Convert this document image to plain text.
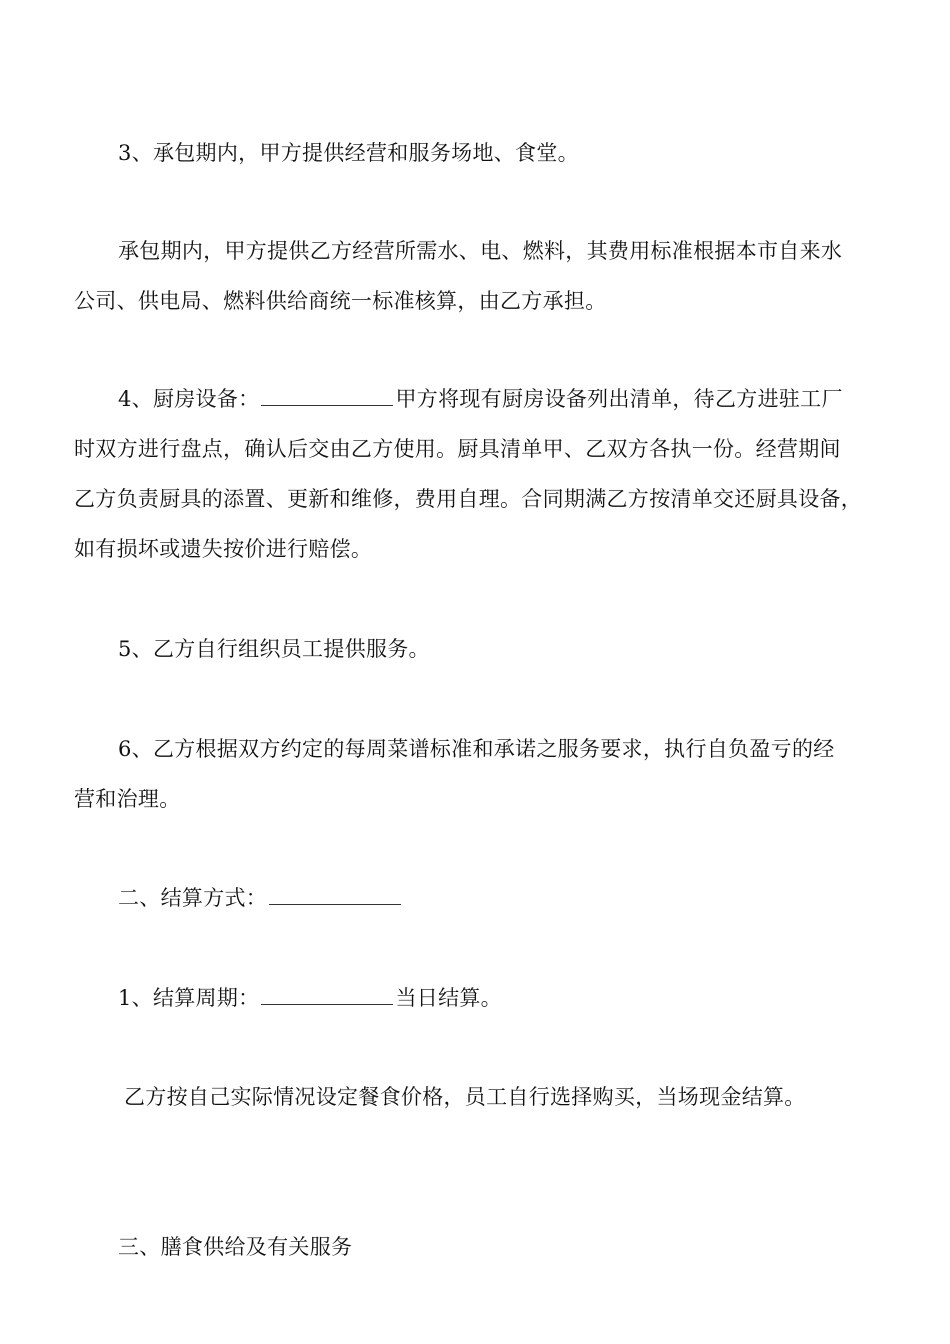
3、承包期内，甲方提供经营和服务场地、食堂。

承包期内，甲方提供乙方经营所需水、电、燃料，其费用标准根据本市自来水
公司、供电局、燃料供给商统一标准核算，由乙方承担。

4、厨房设备：	甲方将现有厨房设备列出清单，待乙方进驻工厂
时双方进行盘点，确认后交由乙方使用。厨具清单甲、乙双方各执一份。经营期间
乙方负责厨具的添置、更新和维修，费用自理。合同期满乙方按清单交还厨具设备，
如有损坏或遗失按价进行赔偿。

5、乙方自行组织员工提供服务。

6、乙方根据双方约定的每周菜谱标准和承诺之服务要求，执行自负盈亏的经
营和治理。

二、结算方式：

1、结算周期：	当日结算。

乙方按自己实际情况设定餐食价格，员工自行选择购买，当场现金结算。

三、膳食供给及有关服务
